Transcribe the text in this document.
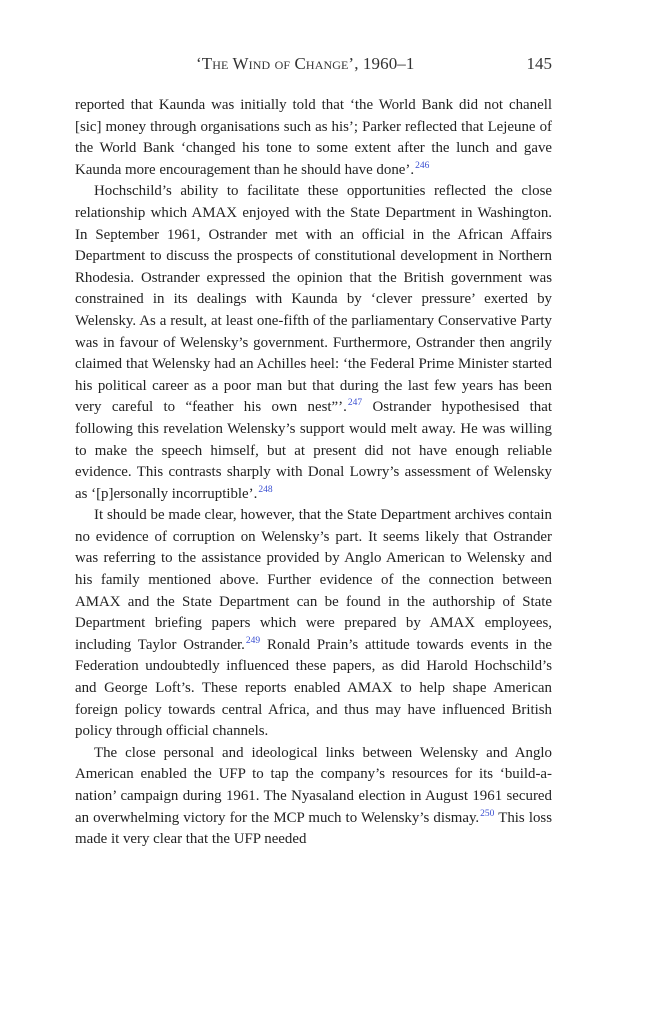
‘The Wind of Change’, 1960–1	145

reported that Kaunda was initially told that ‘the World Bank did not chanell [sic] money through organisations such as his’; Parker reflected that Lejeune of the World Bank ‘changed his tone to some extent after the lunch and gave Kaunda more encouragement than he should have done’.$^{246}$

Hochschild’s ability to facilitate these opportunities reflected the close relationship which AMAX enjoyed with the State Department in Washington. In September 1961, Ostrander met with an official in the African Affairs Department to discuss the prospects of constitutional development in Northern Rhodesia. Ostrander expressed the opinion that the British government was constrained in its dealings with Kaunda by ‘clever pressure’ exerted by Welensky. As a result, at least one-fifth of the parliamentary Conservative Party was in favour of Welensky’s government. Furthermore, Ostrander then angrily claimed that Welensky had an Achilles heel: ‘the Federal Prime Minister started his political career as a poor man but that during the last few years has been very careful to “feather his own nest”’.$^{247}$ Ostrander hypothesised that following this revelation Welensky’s support would melt away. He was willing to make the speech himself, but at present did not have enough reliable evidence. This contrasts sharply with Donal Lowry’s assessment of Welensky as ‘[p]ersonally incorruptible’.$^{248}$

It should be made clear, however, that the State Department archives contain no evidence of corruption on Welensky’s part. It seems likely that Ostrander was referring to the assistance provided by Anglo American to Welensky and his family mentioned above. Further evidence of the connection between AMAX and the State Department can be found in the authorship of State Department briefing papers which were prepared by AMAX employees, including Taylor Ostrander.$^{249}$ Ronald Prain’s attitude towards events in the Federation undoubtedly influenced these papers, as did Harold Hochschild’s and George Loft’s. These reports enabled AMAX to help shape American foreign policy towards central Africa, and thus may have influenced British policy through official channels.

The close personal and ideological links between Welensky and Anglo American enabled the UFP to tap the company’s resources for its ‘build-a-nation’ campaign during 1961. The Nyasaland election in August 1961 secured an overwhelming victory for the MCP much to Welensky’s dismay.$^{250}$ This loss made it very clear that the UFP needed
